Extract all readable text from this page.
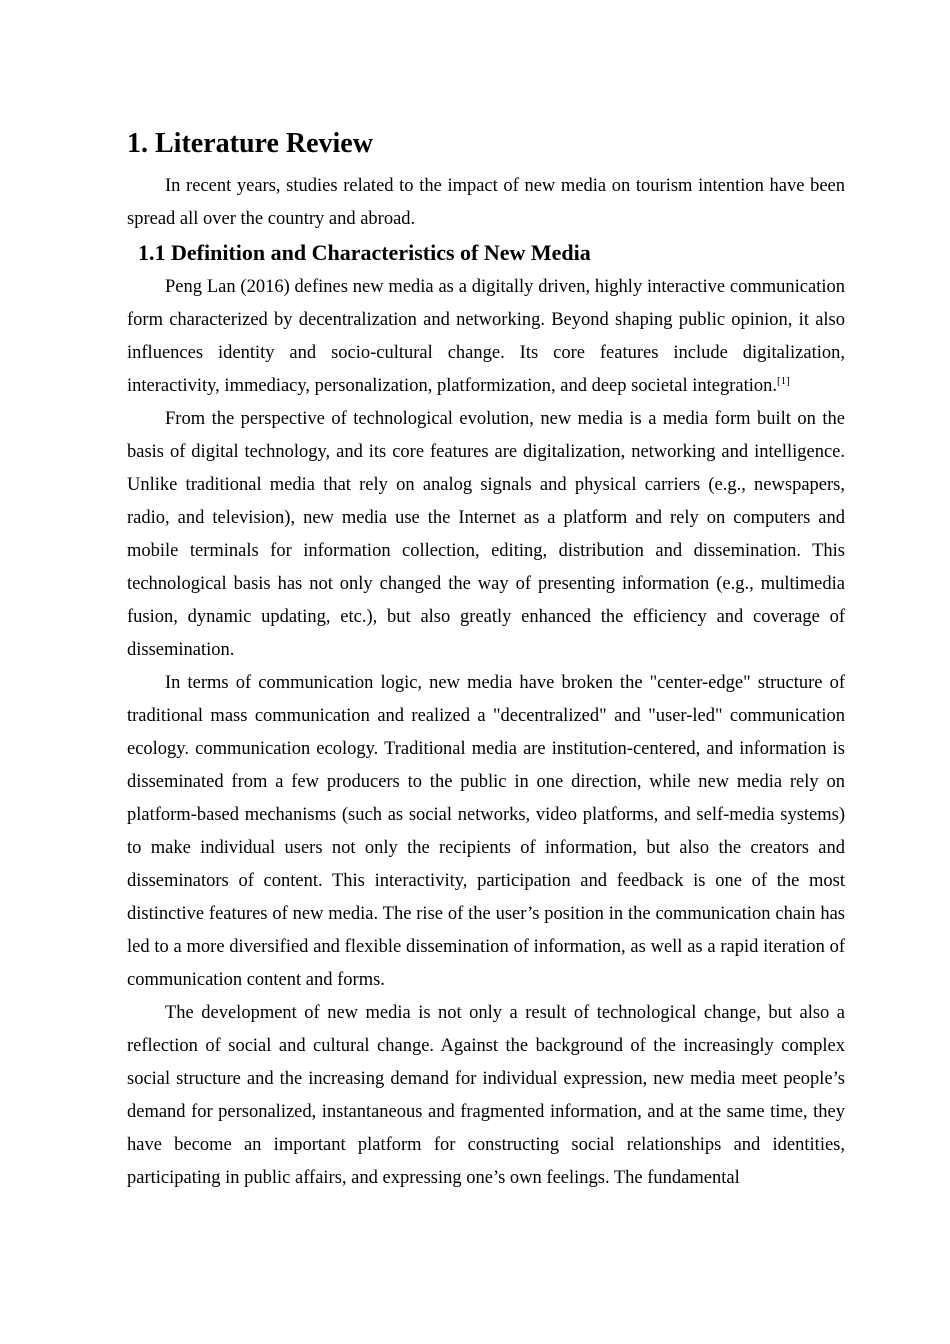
1. Literature Review

In recent years, studies related to the impact of new media on tourism intention have been spread all over the country and abroad.

1.1 Definition and Characteristics of New Media

Peng Lan (2016) defines new media as a digitally driven, highly interactive communication form characterized by decentralization and networking. Beyond shaping public opinion, it also influences identity and socio-cultural change. Its core features include digitalization, interactivity, immediacy, personalization, platformization, and deep societal integration.[1]

From the perspective of technological evolution, new media is a media form built on the basis of digital technology, and its core features are digitalization, networking and intelligence. Unlike traditional media that rely on analog signals and physical carriers (e.g., newspapers, radio, and television), new media use the Internet as a platform and rely on computers and mobile terminals for information collection, editing, distribution and dissemination. This technological basis has not only changed the way of presenting information (e.g., multimedia fusion, dynamic updating, etc.), but also greatly enhanced the efficiency and coverage of dissemination.

In terms of communication logic, new media have broken the "center-edge" structure of traditional mass communication and realized a "decentralized" and "user-led" communication ecology. communication ecology. Traditional media are institution-centered, and information is disseminated from a few producers to the public in one direction, while new media rely on platform-based mechanisms (such as social networks, video platforms, and self-media systems) to make individual users not only the recipients of information, but also the creators and disseminators of content. This interactivity, participation and feedback is one of the most distinctive features of new media. The rise of the user’s position in the communication chain has led to a more diversified and flexible dissemination of information, as well as a rapid iteration of communication content and forms.

The development of new media is not only a result of technological change, but also a reflection of social and cultural change. Against the background of the increasingly complex social structure and the increasing demand for individual expression, new media meet people’s demand for personalized, instantaneous and fragmented information, and at the same time, they have become an important platform for constructing social relationships and identities, participating in public affairs, and expressing one’s own feelings. The fundamental
